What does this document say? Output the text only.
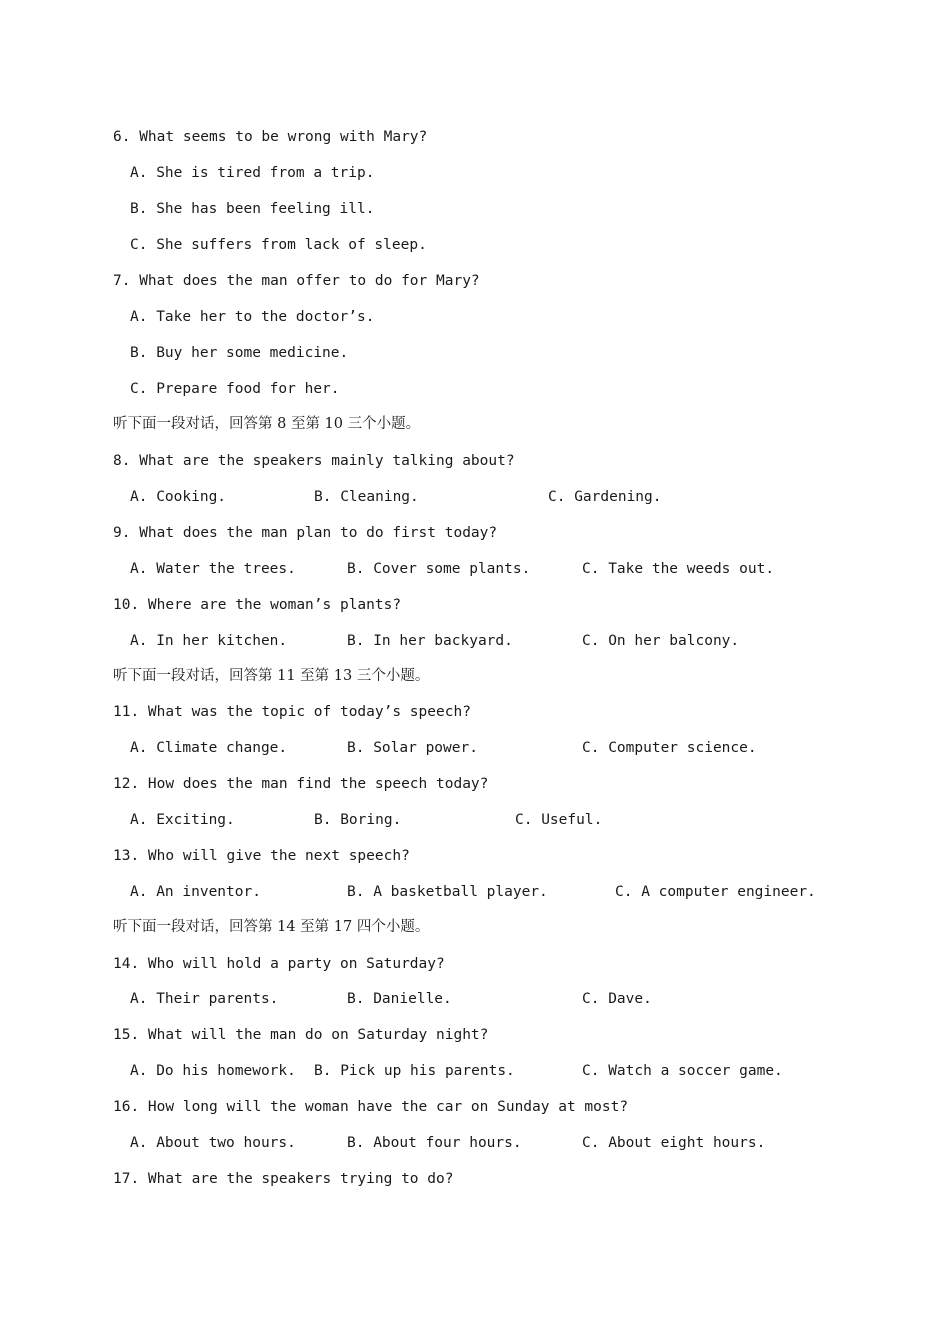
6. What seems to be wrong with Mary?
A. She is tired from a trip.
B. She has been feeling ill.
C. She suffers from lack of sleep.
7. What does the man offer to do for Mary?
A. Take her to the doctor’s.
B. Buy her some medicine.
C. Prepare food for her.
听下面一段对话，回答第 8 至第 10 三个小题。
8. What are the speakers mainly talking about?

A. Cooking.

	B. Cleaning.

	C. Gardening.

9. What does the man plan to do first today?

A. Water the trees.

	B. Cover some plants.

	C. Take the weeds out.

10. Where are the woman’s plants?

A. In her kitchen.

	B. In her backyard.

	C. On her balcony.

听下面一段对话，回答第 11 至第 13 三个小题。
11. What was the topic of today’s speech?

A. Climate change.

	B. Solar power.

	C. Computer science.

12. How does the man find the speech today?

A. Exciting.

	B. Boring.

	C. Useful.

13. Who will give the next speech?

A. An inventor.

	B. A basketball player.

	C. A computer engineer.

听下面一段对话，回答第 14 至第 17 四个小题。
14. Who will hold a party on Saturday?

A. Their parents.

	B. Danielle.

	C. Dave.

15. What will the man do on Saturday night?

A. Do his homework.

B. Pick up his parents.

	C. Watch a soccer game.

16. How long will the woman have the car on Sunday at most?

A. About two hours.

	B. About four hours.

	C. About eight hours.

17. What are the speakers trying to do?
